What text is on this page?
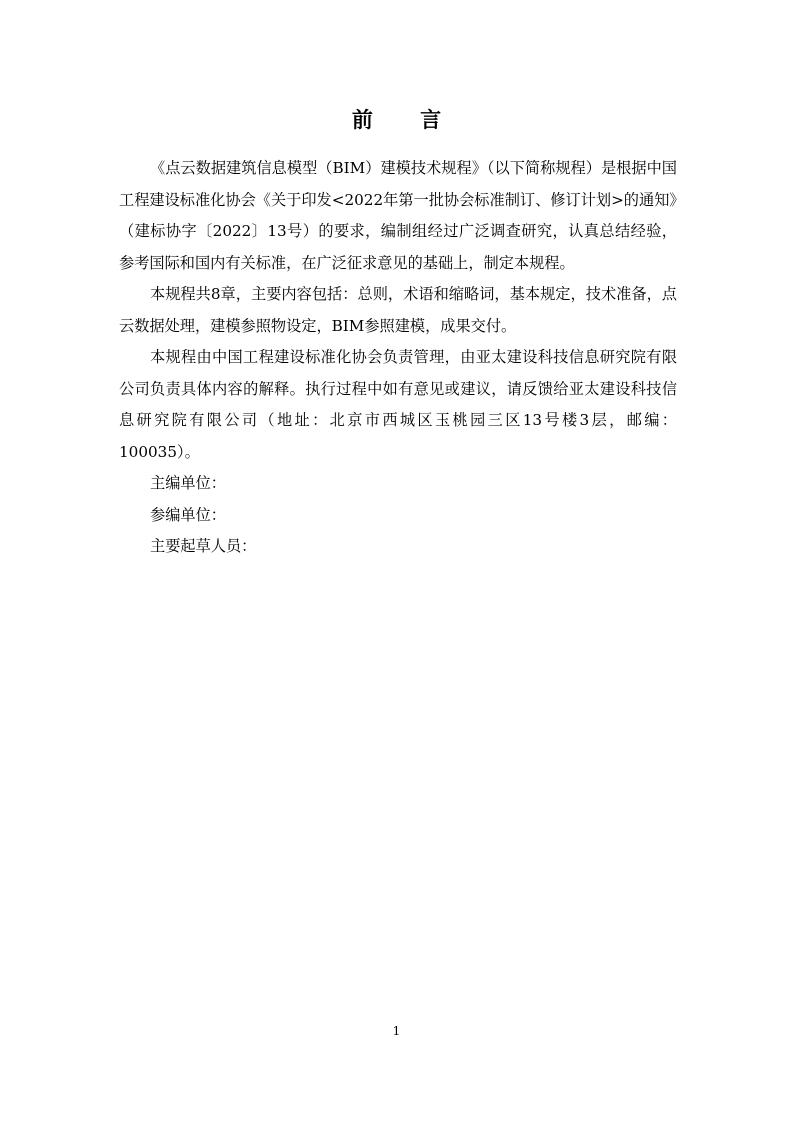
前 言

《点云数据建筑信息模型（BIM）建模技术规程》（以下简称规程）是根据中国工程建设标准化协会《关于印发<2022年第一批协会标准制订、修订计划>的通知》（建标协字〔2022〕13号）的要求，编制组经过广泛调查研究，认真总结经验，参考国际和国内有关标准，在广泛征求意见的基础上，制定本规程。

本规程共8章，主要内容包括：总则，术语和缩略词，基本规定，技术准备，点云数据处理，建模参照物设定，BIM参照建模，成果交付。

本规程由中国工程建设标准化协会负责管理，由亚太建设科技信息研究院有限公司负责具体内容的解释。执行过程中如有意见或建议，请反馈给亚太建设科技信息研究院有限公司（地址：北京市西城区玉桃园三区13号楼3层，邮编：100035）。

主编单位：

参编单位：

主要起草人员：

1
